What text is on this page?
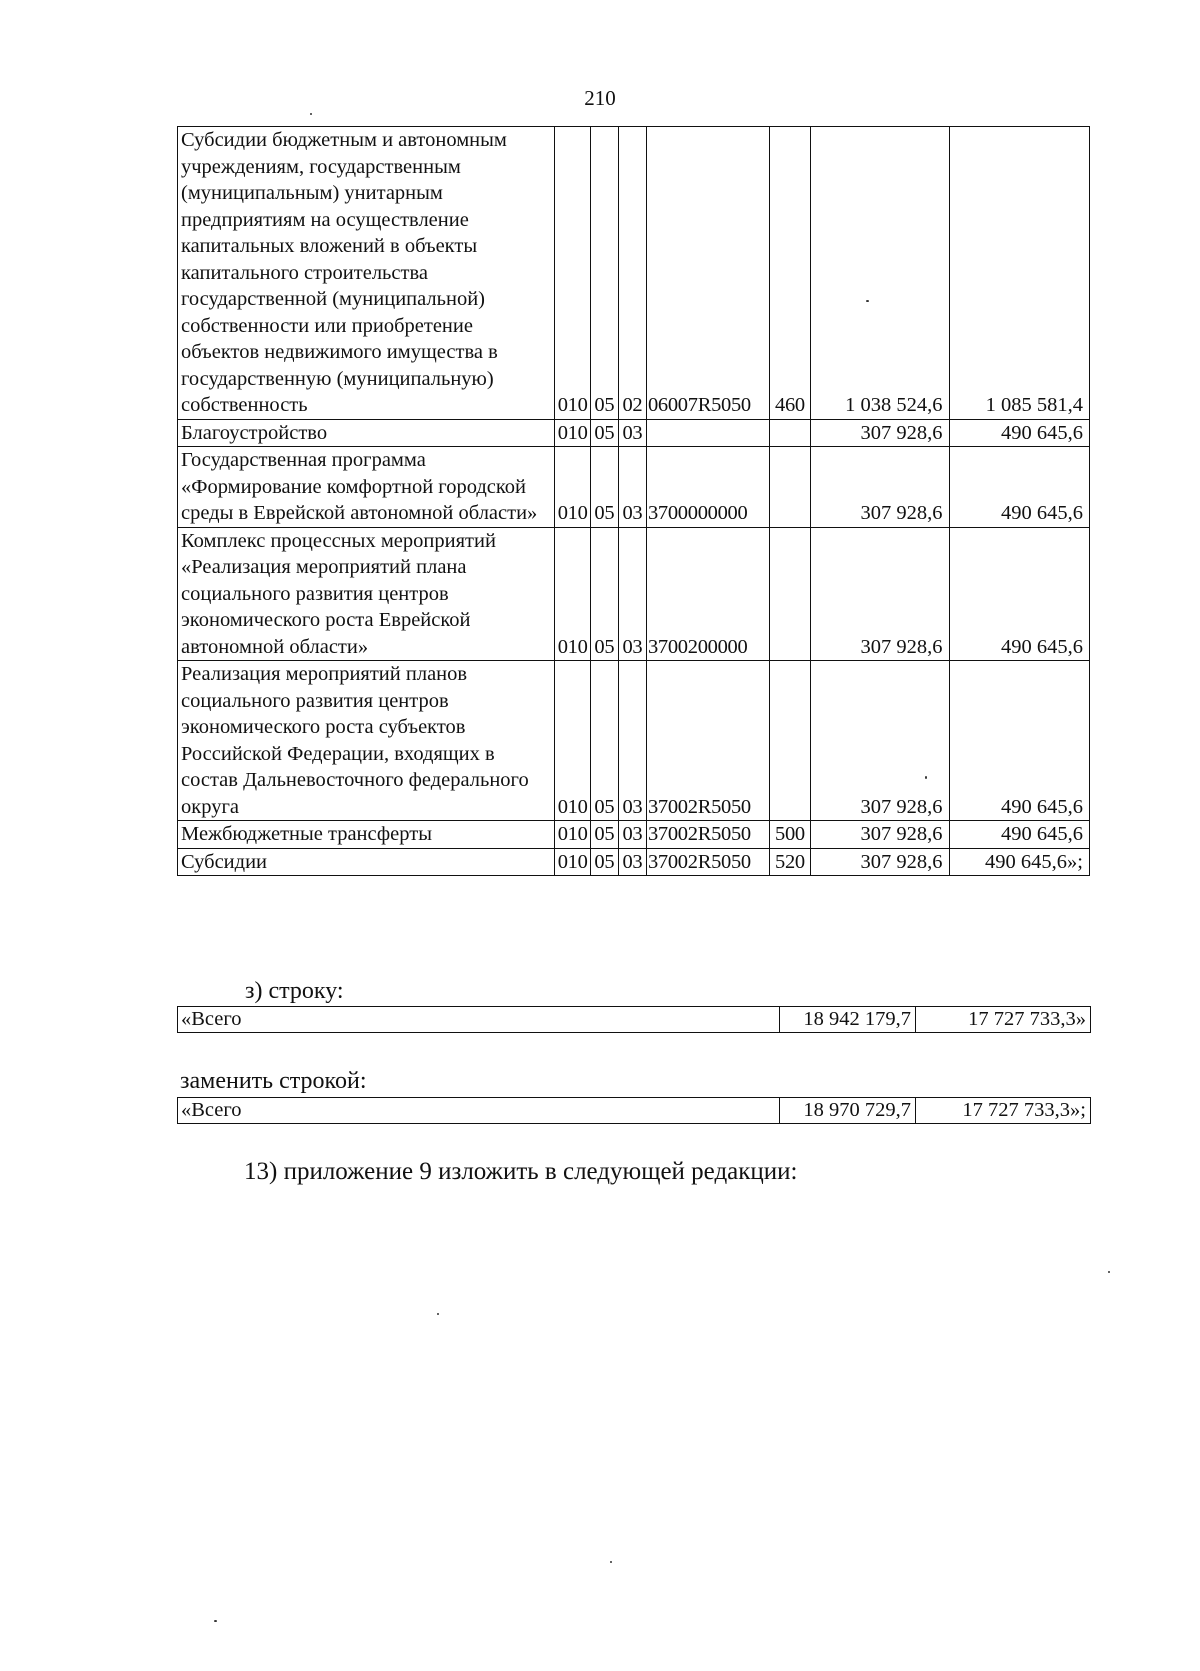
210
Субсидии бюджетным и автономным учреждениям, государственным (муниципальным) унитарным предприятиям на осуществление капитальных вложений в объекты капитального строительства государственной (муниципальной) собственности или приобретение объектов недвижимого имущества в государственную (муниципальную) собственность	010	05	02	06007R5050	460	1 038 524,6	1 085 581,4
Благоустройство	010	05	03			307 928,6	490 645,6
Государственная программа «Формирование комфортной городской среды в Еврейской автономной области»	010	05	03	3700000000		307 928,6	490 645,6
Комплекс процессных мероприятий «Реализация мероприятий плана социального развития центров экономического роста Еврейской автономной области»	010	05	03	3700200000		307 928,6	490 645,6
Реализация мероприятий планов социального развития центров экономического роста субъектов Российской Федерации, входящих в состав Дальневосточного федерального округа	010	05	03	37002R5050		307 928,6	490 645,6
Межбюджетные трансферты	010	05	03	37002R5050	500	307 928,6	490 645,6
Субсидии	010	05	03	37002R5050	520	307 928,6	490 645,6»;
з) строку:
«Всего	18 942 179,7	17 727 733,3»
заменить строкой:
«Всего	18 970 729,7	17 727 733,3»;
13) приложение 9 изложить в следующей редакции:
